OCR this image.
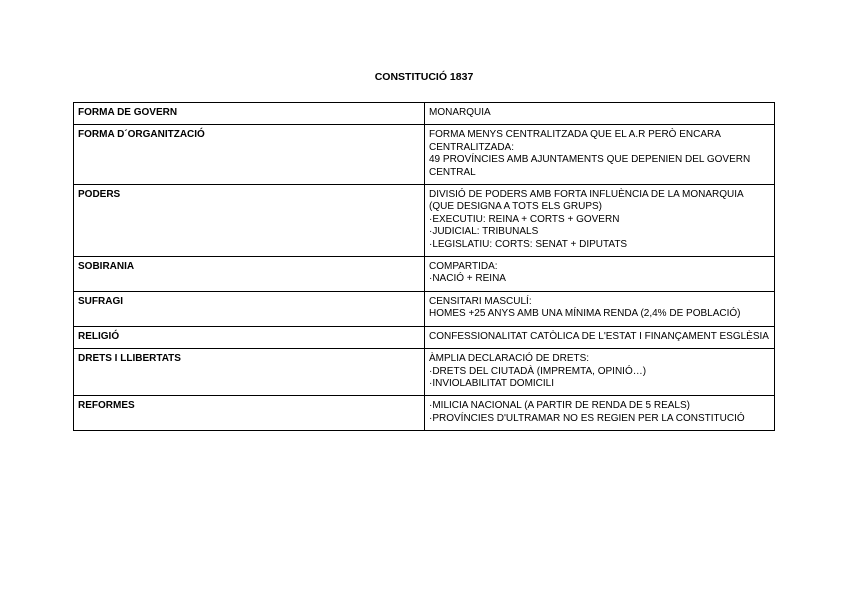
CONSTITUCIÓ 1837
FORMA DE GOVERN	MONARQUIA

FORMA D´ORGANITZACIÓ	FORMA MENYS CENTRALITZADA QUE EL A.R PERÒ ENCARA CENTRALITZADA:
49 PROVÍNCIES AMB AJUNTAMENTS QUE DEPENIEN DEL GOVERN CENTRAL

PODERS	DIVISIÓ DE PODERS AMB FORTA INFLUÈNCIA DE LA MONARQUIA (QUE DESIGNA A TOTS ELS GRUPS)
·EXECUTIU: REINA + CORTS + GOVERN
·JUDICIAL: TRIBUNALS
·LEGISLATIU: CORTS: SENAT + DIPUTATS

SOBIRANIA	COMPARTIDA:
·NACIÓ + REINA

SUFRAGI	CENSITARI MASCULÍ:
HOMES +25 ANYS AMB UNA MÍNIMA RENDA (2,4% DE POBLACIÓ)

RELIGIÓ	CONFESSIONALITAT CATÒLICA DE L'ESTAT I FINANÇAMENT ESGLÈSIA

DRETS I LLIBERTATS	ÀMPLIA DECLARACIÓ DE DRETS:
·DRETS DEL CIUTADÀ (IMPREMTA, OPINIÓ…)
·INVIOLABILITAT DOMICILI

REFORMES	·MILICIA NACIONAL (A PARTIR DE RENDA DE 5 REALS)
·PROVÍNCIES D'ULTRAMAR NO ES REGIEN PER LA CONSTITUCIÓ
